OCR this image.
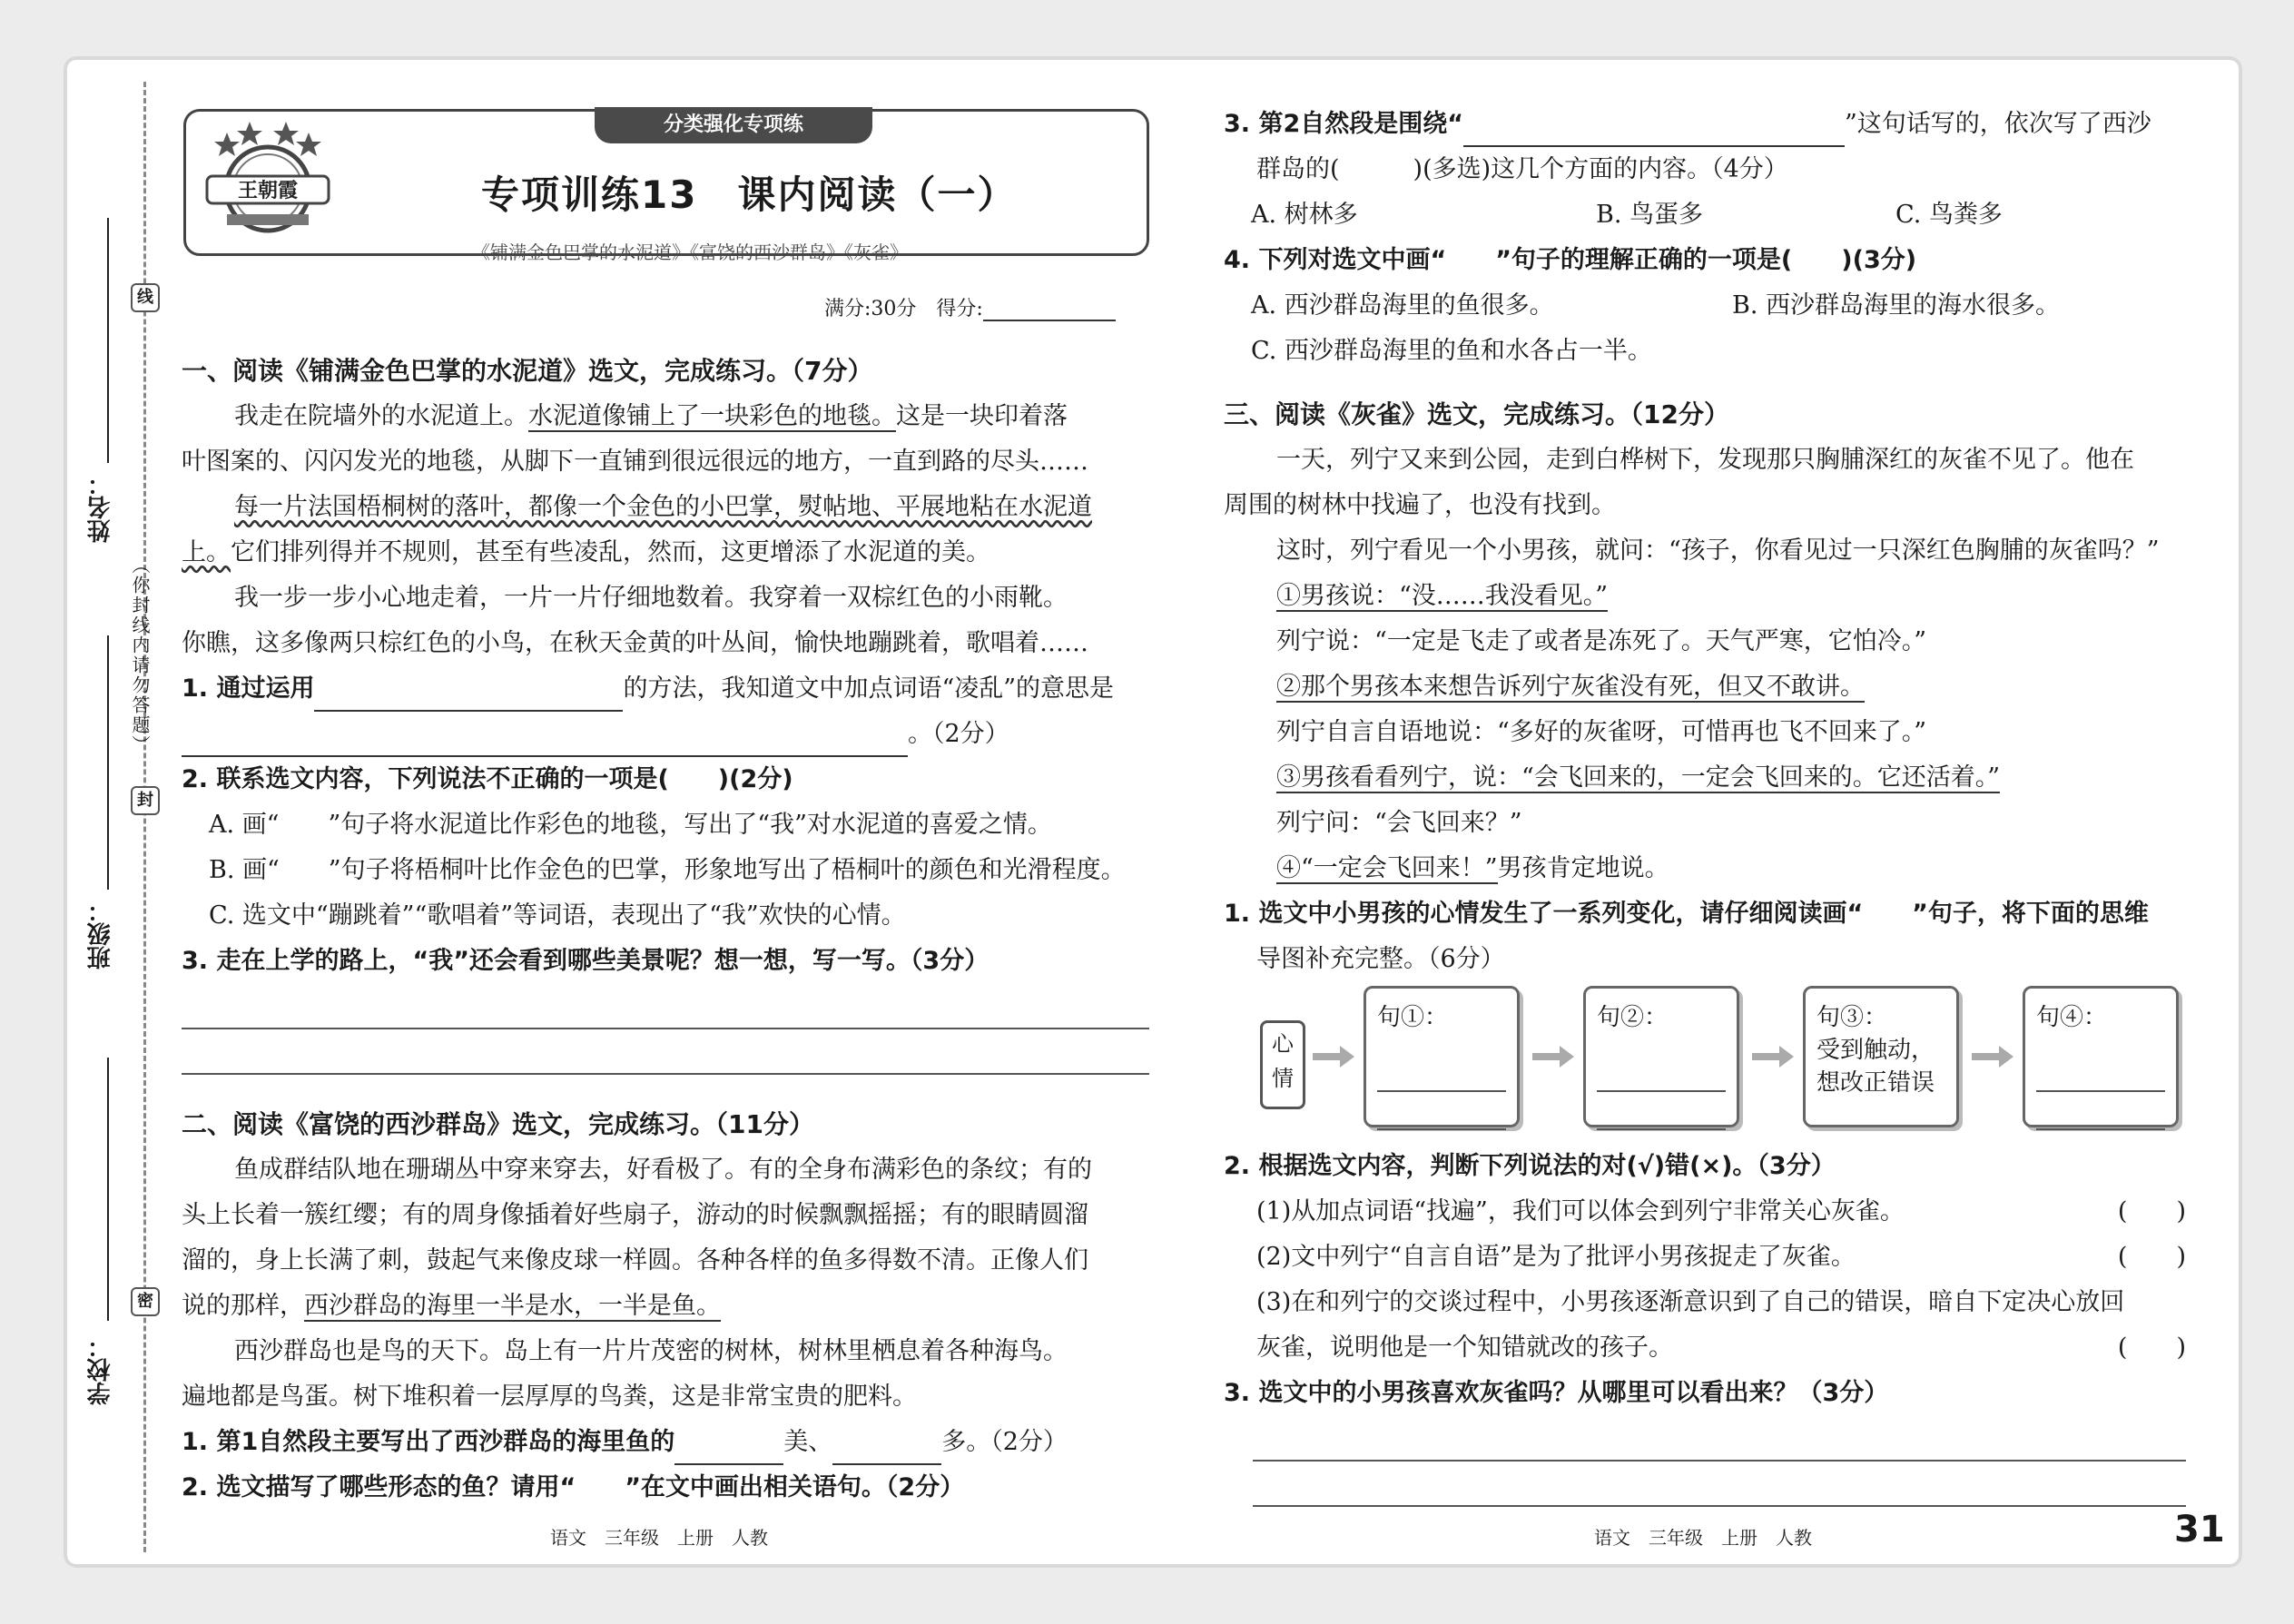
线
封
密
（你封线内请勿答题）
姓名：
班级：
学校：
分类强化专项练
王朝霞	专项训练13　课内阅读（一）
《铺满金色巴掌的水泥道》《富饶的西沙群岛》《灰雀》
满分:30分　得分:

一、阅读《铺满金色巴掌的水泥道》选文，完成练习。（7分）

我走在院墙外的水泥道上。水泥道像铺上了一块彩色的地毯。这是一块印着落

叶图案的、闪闪发光的地毯，从脚下一直铺到很远很远的地方，一直到路的尽头……

每一片法国梧桐树的落叶，都像一个金色的小巴掌，熨帖地、平展地粘在水泥道

上。它们排列得并不规则，甚至有些凌乱，然而，这更增添了水泥道的美。

我一步一步小心地走着，一片一片仔细地数着。我穿着一双棕红色的小雨靴。

你瞧，这多像两只棕红色的小鸟，在秋天金黄的叶丛间，愉快地蹦跳着，歌唱着……

1. 通过运用	的方法，我知道文中加点词语“凌乱”的意思是

。（2分）

2. 联系选文内容，下列说法不正确的一项是(　　)(2分)

A. 画“　　”句子将水泥道比作彩色的地毯，写出了“我”对水泥道的喜爱之情。

B. 画“　　”句子将梧桐叶比作金色的巴掌，形象地写出了梧桐叶的颜色和光滑程度。

C. 选文中“蹦跳着”“歌唱着”等词语，表现出了“我”欢快的心情。

3. 走在上学的路上，“我”还会看到哪些美景呢？想一想，写一写。（3分）

二、阅读《富饶的西沙群岛》选文，完成练习。（11分）

鱼成群结队地在珊瑚丛中穿来穿去，好看极了。有的全身布满彩色的条纹；有的

头上长着一簇红缨；有的周身像插着好些扇子，游动的时候飘飘摇摇；有的眼睛圆溜

溜的，身上长满了刺，鼓起气来像皮球一样圆。各种各样的鱼多得数不清。正像人们

说的那样，西沙群岛的海里一半是水，一半是鱼。

西沙群岛也是鸟的天下。岛上有一片片茂密的树林，树林里栖息着各种海鸟。

遍地都是鸟蛋。树下堆积着一层厚厚的鸟粪，这是非常宝贵的肥料。

1. 第1自然段主要写出了西沙群岛的海里鱼的	美、	多。（2分）

2. 选文描写了哪些形态的鱼？请用“　　”在文中画出相关语句。（2分）

3. 第2自然段是围绕“	”这句话写的，依次写了西沙

群岛的(　　　)(多选)这几个方面的内容。（4分）

A. 树林多	B. 鸟蛋多	C. 鸟粪多

4. 下列对选文中画“　　”句子的理解正确的一项是(　　)(3分)

A. 西沙群岛海里的鱼很多。	B. 西沙群岛海里的海水很多。

C. 西沙群岛海里的鱼和水各占一半。

三、阅读《灰雀》选文，完成练习。（12分）

一天，列宁又来到公园，走到白桦树下，发现那只胸脯深红的灰雀不见了。他在

周围的树林中找遍了，也没有找到。

这时，列宁看见一个小男孩，就问：“孩子，你看见过一只深红色胸脯的灰雀吗？”

①男孩说：“没……我没看见。”

列宁说：“一定是飞走了或者是冻死了。天气严寒，它怕冷。”

②那个男孩本来想告诉列宁灰雀没有死，但又不敢讲。

列宁自言自语地说：“多好的灰雀呀，可惜再也飞不回来了。”

③男孩看看列宁，说：“会飞回来的，一定会飞回来的。它还活着。”

列宁问：“会飞回来？”

④“一定会飞回来！”男孩肯定地说。

1. 选文中小男孩的心情发生了一系列变化，请仔细阅读画“　　”句子，将下面的思维

导图补充完整。（6分）

心情
句①：	句②：	句③：
受到触动，想改正错误
句④：

2. 根据选文内容，判断下列说法的对(√)错(×)。（3分）

(1)从加点词语“找遍”，我们可以体会到列宁非常关心灰雀。	(　　)

(2)文中列宁“自言自语”是为了批评小男孩捉走了灰雀。	(　　)

(3)在和列宁的交谈过程中，小男孩逐渐意识到了自己的错误，暗自下定决心放回

灰雀，说明他是一个知错就改的孩子。	(　　)

3. 选文中的小男孩喜欢灰雀吗？从哪里可以看出来？（3分）

语文　三年级　上册　人教	语文　三年级　上册　人教	31
